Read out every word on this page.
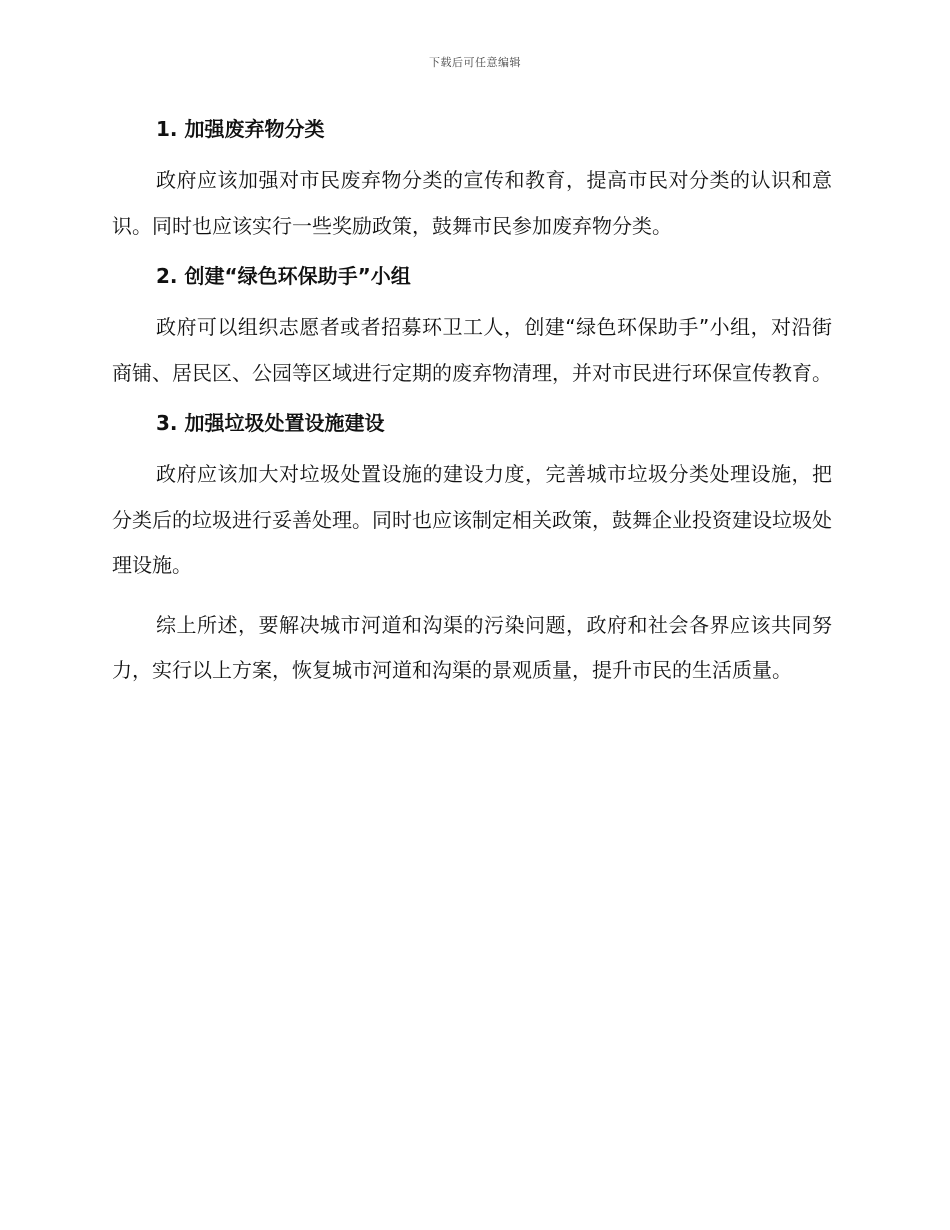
下载后可任意编辑
1. 加强废弃物分类

政府应该加强对市民废弃物分类的宣传和教育，提高市民对分类的认识和意识。同时也应该实行一些奖励政策，鼓舞市民参加废弃物分类。

2. 创建“绿色环保助手”小组

政府可以组织志愿者或者招募环卫工人，创建“绿色环保助手”小组，对沿街商铺、居民区、公园等区域进行定期的废弃物清理，并对市民进行环保宣传教育。

3. 加强垃圾处置设施建设

政府应该加大对垃圾处置设施的建设力度，完善城市垃圾分类处理设施，把分类后的垃圾进行妥善处理。同时也应该制定相关政策，鼓舞企业投资建设垃圾处理设施。

综上所述，要解决城市河道和沟渠的污染问题，政府和社会各界应该共同努力，实行以上方案，恢复城市河道和沟渠的景观质量，提升市民的生活质量。
